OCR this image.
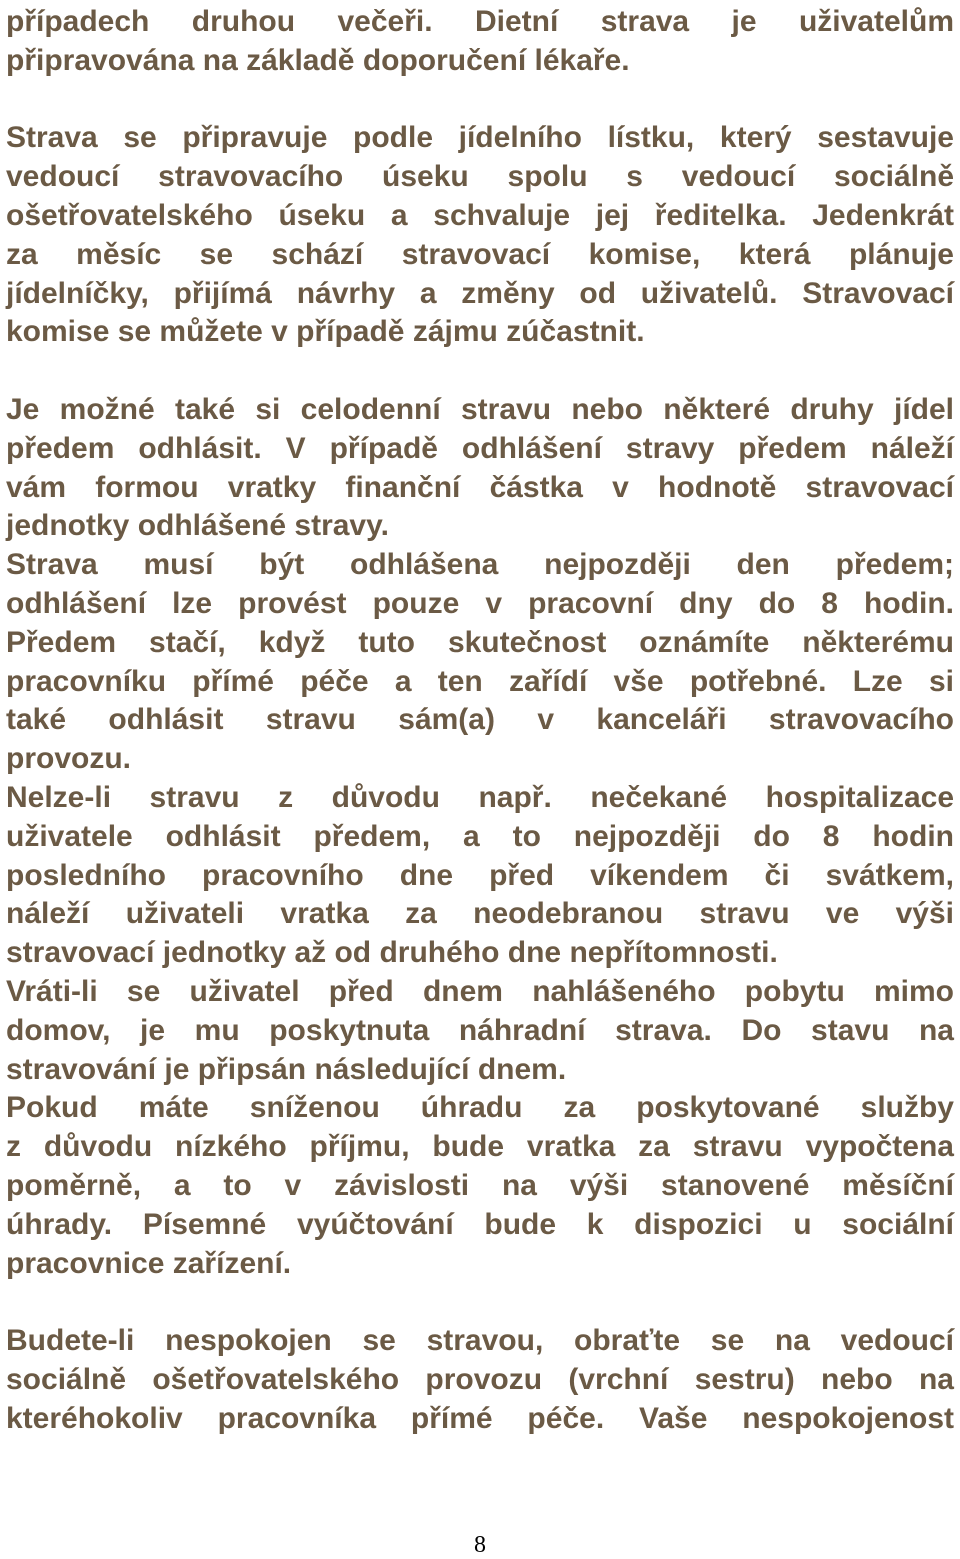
případech druhou večeři. Dietní strava je uživatelům
připravována na základě doporučení lékaře.

Strava se připravuje podle jídelního lístku, který sestavuje
vedoucí stravovacího úseku spolu s vedoucí sociálně
ošetřovatelského úseku a schvaluje jej ředitelka. Jedenkrát
za měsíc se schází stravovací komise, která plánuje
jídelníčky, přijímá návrhy a změny od uživatelů. Stravovací
komise se můžete v případě zájmu zúčastnit.

Je možné také si celodenní stravu nebo některé druhy jídel
předem odhlásit. V případě odhlášení stravy předem náleží
vám formou vratky finanční částka v hodnotě stravovací
jednotky odhlášené stravy.

Strava musí být odhlášena nejpozději den předem;
odhlášení lze provést pouze v pracovní dny do 8 hodin.
Předem stačí, když tuto skutečnost oznámíte některému
pracovníku přímé péče a ten zařídí vše potřebné. Lze si
také odhlásit stravu sám(a) v kanceláři stravovacího
provozu.

Nelze-li stravu z důvodu např. nečekané hospitalizace
uživatele odhlásit předem, a to nejpozději do 8 hodin
posledního pracovního dne před víkendem či svátkem,
náleží uživateli vratka za neodebranou stravu ve výši
stravovací jednotky až od druhého dne nepřítomnosti.

Vráti-li se uživatel před dnem nahlášeného pobytu mimo
domov, je mu poskytnuta náhradní strava. Do stavu na
stravování je připsán následující dnem.

Pokud máte sníženou úhradu za poskytované služby
z důvodu nízkého příjmu, bude vratka za stravu vypočtena
poměrně, a to v závislosti na výši stanovené měsíční
úhrady. Písemné vyúčtování bude k dispozici u sociální
pracovnice zařízení.

Budete-li nespokojen se stravou, obraťte se na vedoucí
sociálně ošetřovatelského provozu (vrchní sestru) nebo na
kteréhokoliv pracovníka přímé péče. Vaše nespokojenost

8
